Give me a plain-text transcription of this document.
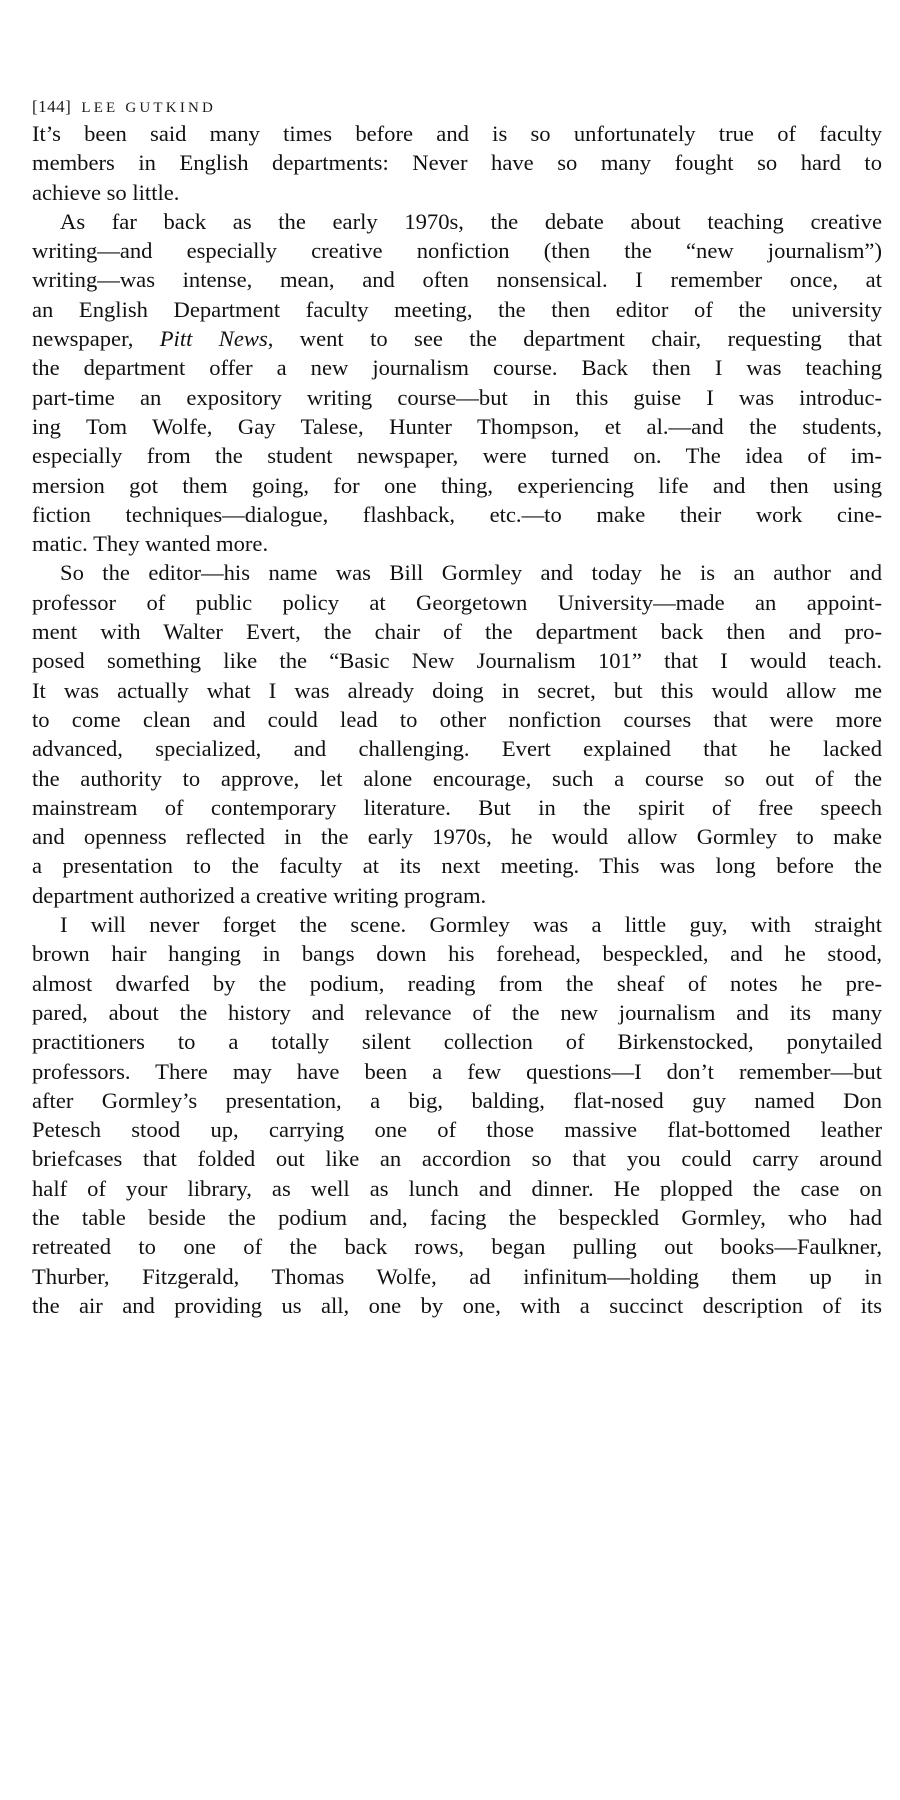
[144] LEE GUTKIND
It’s been said many times before and is so unfortunately true of faculty
members in English departments: Never have so many fought so hard to
achieve so little.
As far back as the early 1970s, the debate about teaching creative
writing—and especially creative nonfiction (then the “new journalism”)
writing—was intense, mean, and often nonsensical. I remember once, at
an English Department faculty meeting, the then editor of the university
newspaper, Pitt News, went to see the department chair, requesting that
the department offer a new journalism course. Back then I was teaching
part-time an expository writing course—but in this guise I was introduc-
ing Tom Wolfe, Gay Talese, Hunter Thompson, et al.—and the students,
especially from the student newspaper, were turned on. The idea of im-
mersion got them going, for one thing, experiencing life and then using
fiction techniques—dialogue, flashback, etc.—to make their work cine-
matic. They wanted more.
So the editor—his name was Bill Gormley and today he is an author and
professor of public policy at Georgetown University—made an appoint-
ment with Walter Evert, the chair of the department back then and pro-
posed something like the “Basic New Journalism 101” that I would teach.
It was actually what I was already doing in secret, but this would allow me
to come clean and could lead to other nonfiction courses that were more
advanced, specialized, and challenging. Evert explained that he lacked
the authority to approve, let alone encourage, such a course so out of the
mainstream of contemporary literature. But in the spirit of free speech
and openness reflected in the early 1970s, he would allow Gormley to make
a presentation to the faculty at its next meeting. This was long before the
department authorized a creative writing program.
I will never forget the scene. Gormley was a little guy, with straight
brown hair hanging in bangs down his forehead, bespeckled, and he stood,
almost dwarfed by the podium, reading from the sheaf of notes he pre-
pared, about the history and relevance of the new journalism and its many
practitioners to a totally silent collection of Birkenstocked, ponytailed
professors. There may have been a few questions—I don’t remember—but
after Gormley’s presentation, a big, balding, flat-nosed guy named Don
Petesch stood up, carrying one of those massive flat-bottomed leather
briefcases that folded out like an accordion so that you could carry around
half of your library, as well as lunch and dinner. He plopped the case on
the table beside the podium and, facing the bespeckled Gormley, who had
retreated to one of the back rows, began pulling out books—Faulkner,
Thurber, Fitzgerald, Thomas Wolfe, ad infinitum—holding them up in
the air and providing us all, one by one, with a succinct description of its
